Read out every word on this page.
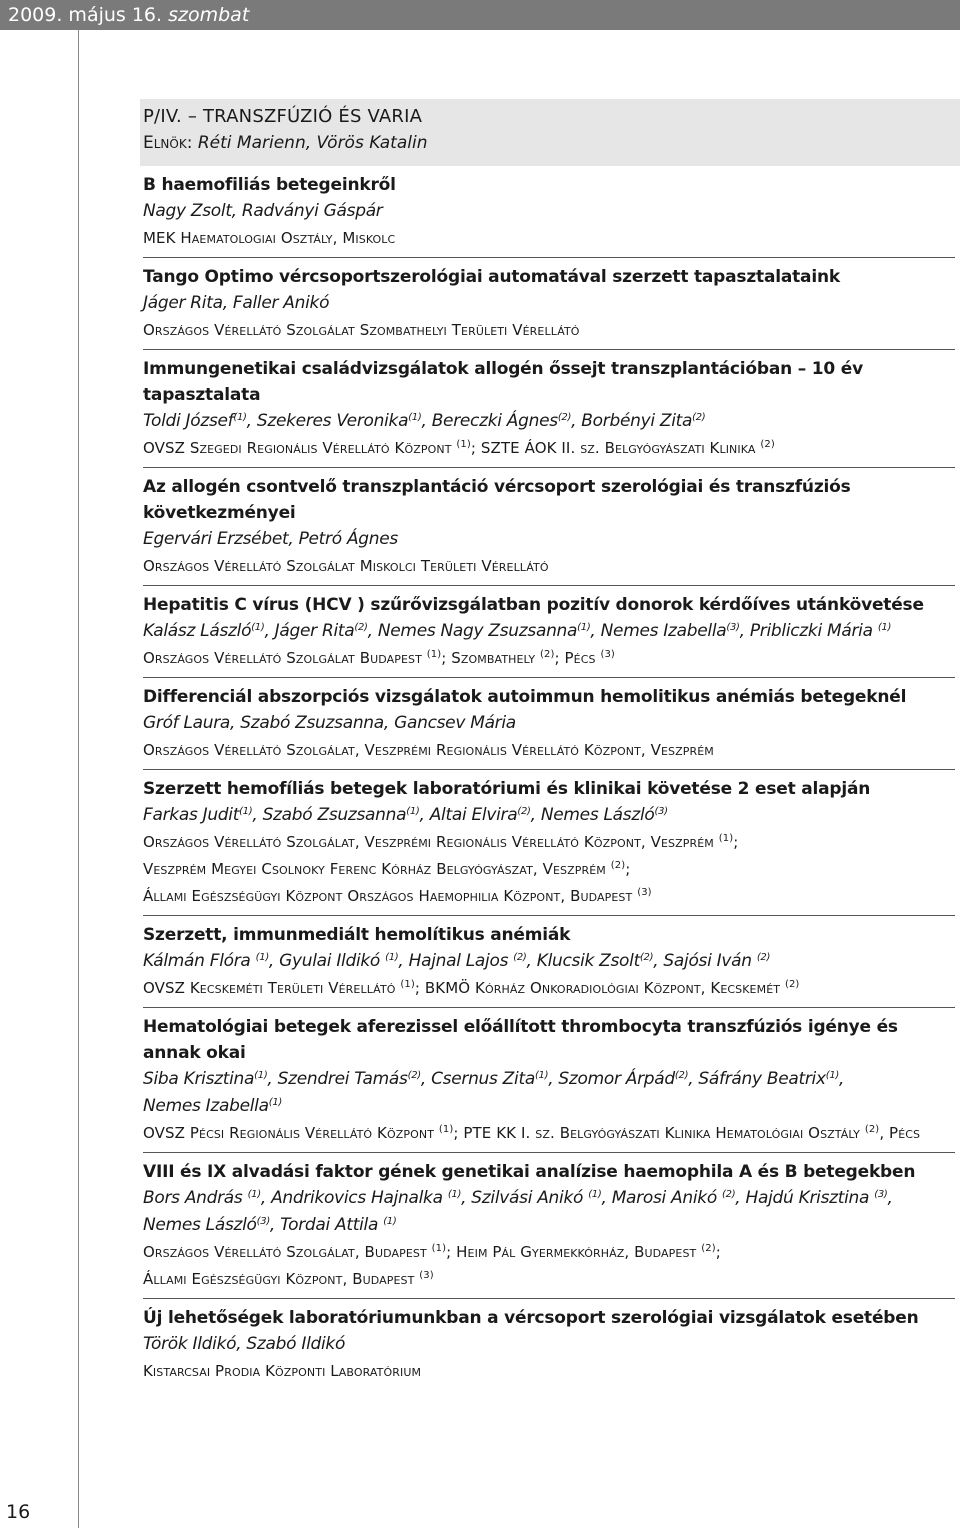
2009. május 16. szombat
16
P/IV. – TRANSZFÚZIÓ ÉS VARIA
Elnök: Réti Marienn, Vörös Katalin
B haemofiliás betegeinkről
Nagy Zsolt, Radványi Gáspár
MEK Haematologiai Osztály, Miskolc
Tango Optimo vércsoportszerológiai automatával szerzett tapasztalataink
Jáger Rita, Faller Anikó
Országos Vérellátó Szolgálat Szombathelyi Területi Vérellátó
Immungenetikai családvizsgálatok allogén őssejt transzplantációban – 10 év tapasztalata
Toldi József$^{(1)}$, Szekeres Veronika$^{(1)}$, Bereczki Ágnes$^{(2)}$, Borbényi Zita$^{(2)}$
OVSZ Szegedi Regionális Vérellátó Központ $^{(1)}$; SZTE ÁOK II. sz. Belgyógyászati Klinika $^{(2)}$
Az allogén csontvelő transzplantáció vércsoport szerológiai és transzfúziós következményei
Egervári Erzsébet, Petró Ágnes
Országos Vérellátó Szolgálat Miskolci Területi Vérellátó
Hepatitis C vírus (HCV ) szűrővizsgálatban pozitív donorok kérdőíves utánkövetése
Kalász László$^{(1)}$, Jáger Rita$^{(2)}$, Nemes Nagy Zsuzsanna$^{(1)}$, Nemes Izabella$^{(3)}$, Pribliczki Mária $^{(1)}$
Országos Vérellátó Szolgálat Budapest $^{(1)}$; Szombathely $^{(2)}$; Pécs $^{(3)}$
Differenciál abszorpciós vizsgálatok autoimmun hemolitikus anémiás betegeknél
Gróf Laura, Szabó Zsuzsanna, Gancsev Mária
Országos Vérellátó Szolgálat, Veszprémi Regionális Vérellátó Központ, Veszprém
Szerzett hemofíliás betegek laboratóriumi és klinikai követése 2 eset alapján
Farkas Judit$^{(1)}$, Szabó Zsuzsanna$^{(1)}$, Altai Elvira$^{(2)}$, Nemes László$^{(3)}$
Országos Vérellátó Szolgálat, Veszprémi Regionális Vérellátó Központ, Veszprém $^{(1)}$; Veszprém Megyei Csolnoky Ferenc Kórház Belgyógyászat, Veszprém $^{(2)}$; Állami Egészségügyi Központ Országos Haemophilia Központ, Budapest $^{(3)}$
Szerzett, immunmediált hemolítikus anémiák
Kálmán Flóra $^{(1)}$, Gyulai Ildikó $^{(1)}$, Hajnal Lajos $^{(2)}$, Klucsik Zsolt$^{(2)}$, Sajósi Iván $^{(2)}$
OVSZ Kecskeméti Területi Vérellátó $^{(1)}$; BKMÖ Kórház Onkoradiológiai Központ, Kecskemét $^{(2)}$
Hematológiai betegek aferezissel előállított thrombocyta transzfúziós igénye és annak okai
Siba Krisztina$^{(1)}$, Szendrei Tamás$^{(2)}$, Csernus Zita$^{(1)}$, Szomor Árpád$^{(2)}$, Sáfrány Beatrix$^{(1)}$, Nemes Izabella$^{(1)}$
OVSZ Pécsi Regionális Vérellátó Központ $^{(1)}$; PTE KK I. sz. Belgyógyászati Klinika Hematológiai Osztály $^{(2)}$, Pécs
VIII és IX alvadási faktor gének genetikai analízise haemophila A és B betegekben
Bors András $^{(1)}$, Andrikovics Hajnalka $^{(1)}$, Szilvási Anikó $^{(1)}$, Marosi Anikó $^{(2)}$, Hajdú Krisztina $^{(3)}$, Nemes László$^{(3)}$, Tordai Attila $^{(1)}$
Országos Vérellátó Szolgálat, Budapest $^{(1)}$; Heim Pál Gyermekkórház, Budapest $^{(2)}$; Állami Egészségügyi Központ, Budapest $^{(3)}$
Új lehetőségek laboratóriumunkban a vércsoport szerológiai vizsgálatok esetében
Török Ildikó, Szabó Ildikó
Kistarcsai Prodia Központi Laboratórium
